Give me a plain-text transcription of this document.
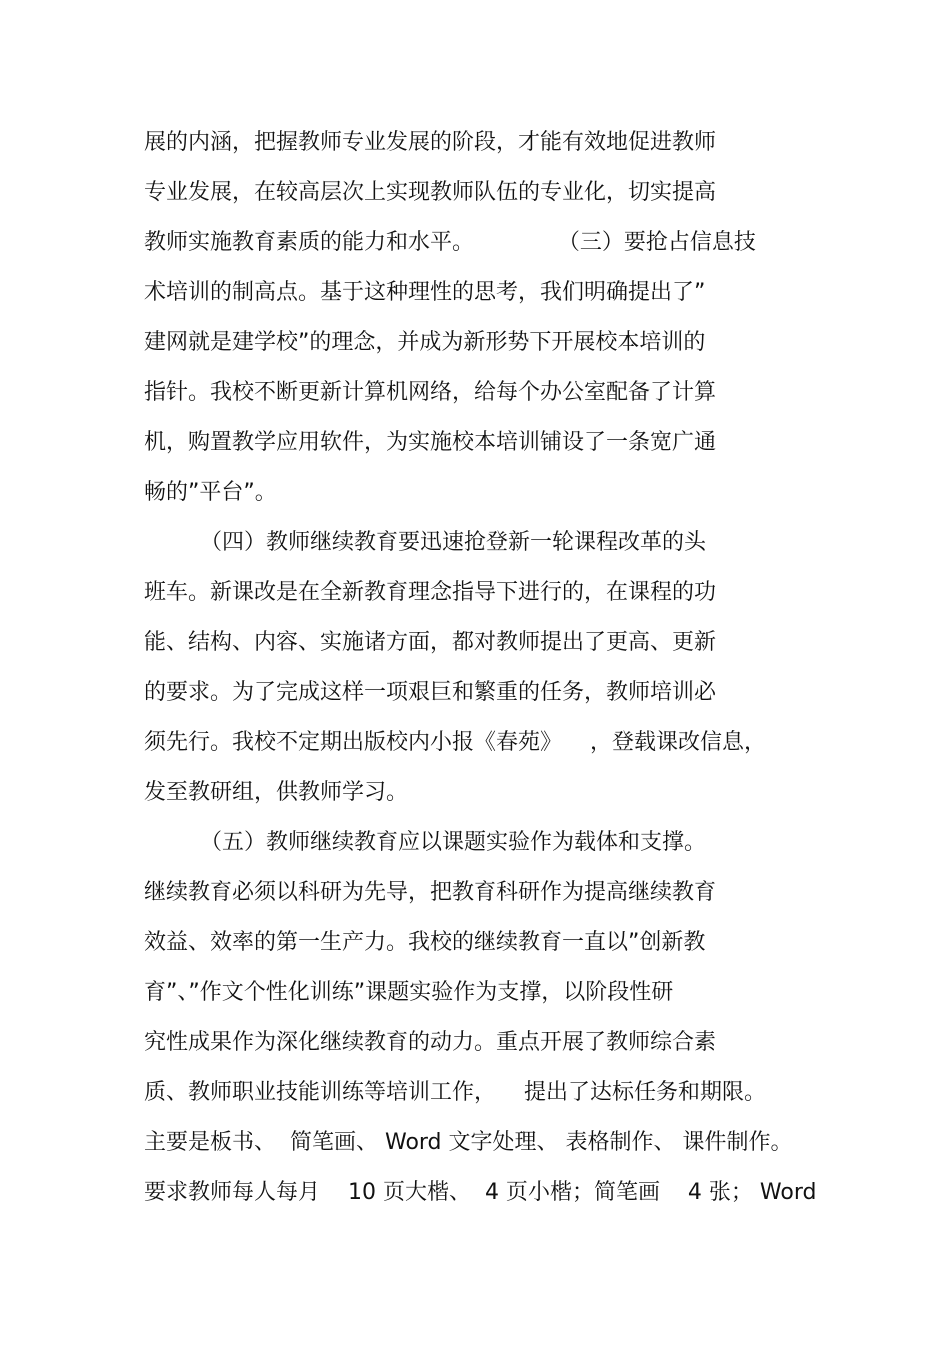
展的内涵，把握教师专业发展的阶段，才能有效地促进教师
专业发展，在较高层次上实现教师队伍的专业化，切实提高
教师实施教育素质的能力和水平。            （三）要抢占信息技
术培训的制高点。基于这种理性的思考，我们明确提出了”
建网就是建学校”的理念，并成为新形势下开展校本培训的
指针。我校不断更新计算机网络，给每个办公室配备了计算
机，购置教学应用软件，为实施校本培训铺设了一条宽广通
畅的”平台”。
（四）教师继续教育要迅速抢登新一轮课程改革的头
班车。新课改是在全新教育理念指导下进行的，在课程的功
能、结构、内容、实施诸方面，都对教师提出了更高、更新
的要求。为了完成这样一项艰巨和繁重的任务，教师培训必
须先行。我校不定期出版校内小报《春苑》    ，登载课改信息，
发至教研组，供教师学习。
（五）教师继续教育应以课题实验作为载体和支撑。
继续教育必须以科研为先导，把教育科研作为提高继续教育
效益、效率的第一生产力。我校的继续教育一直以”创新教
育”、”作文个性化训练”课题实验作为支撑，以阶段性研
究性成果作为深化继续教育的动力。重点开展了教师综合素
质、教师职业技能训练等培训工作，    提出了达标任务和期限。
主要是板书、  简笔画、 Word 文字处理、 表格制作、 课件制作。
要求教师每人每月    10 页大楷、  4 页小楷；简笔画    4 张； Word
